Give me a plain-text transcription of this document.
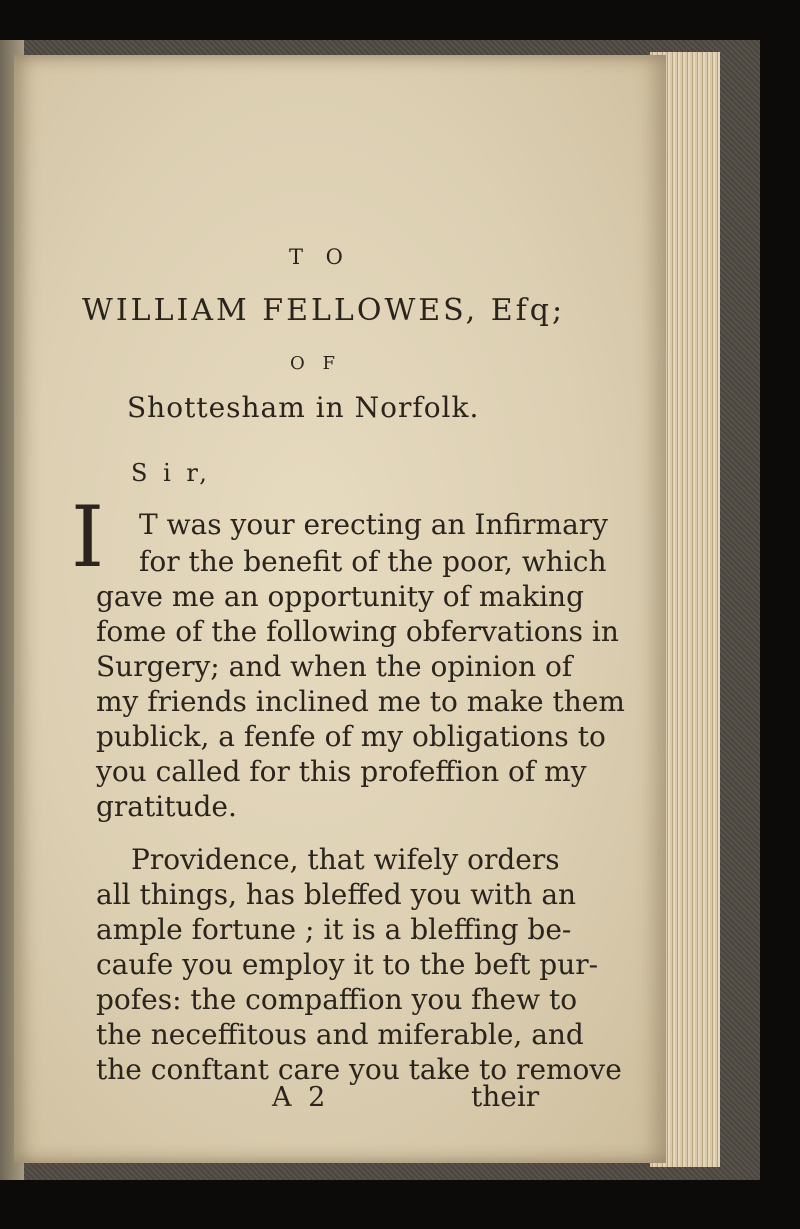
T O
WILLIAM FELLOWES, Efq;
O F
Shottesham in Norfolk.
S i r,
I T was your erecting an Infirmary
for the benefit of the poor, which
gave me an opportunity of making
fome of the following obfervations in
Surgery; and when the opinion of
my friends inclined me to make them
publick, a fenfe of my obligations to
you called for this profeffion of my
gratitude.
Providence, that wifely orders
all things, has bleffed you with an
ample fortune ; it is a bleffing be-
caufe you employ it to the beft pur-
pofes: the compaffion you fhew to
the neceffitous and miferable, and
the conftant care you take to remove
A 2	their
